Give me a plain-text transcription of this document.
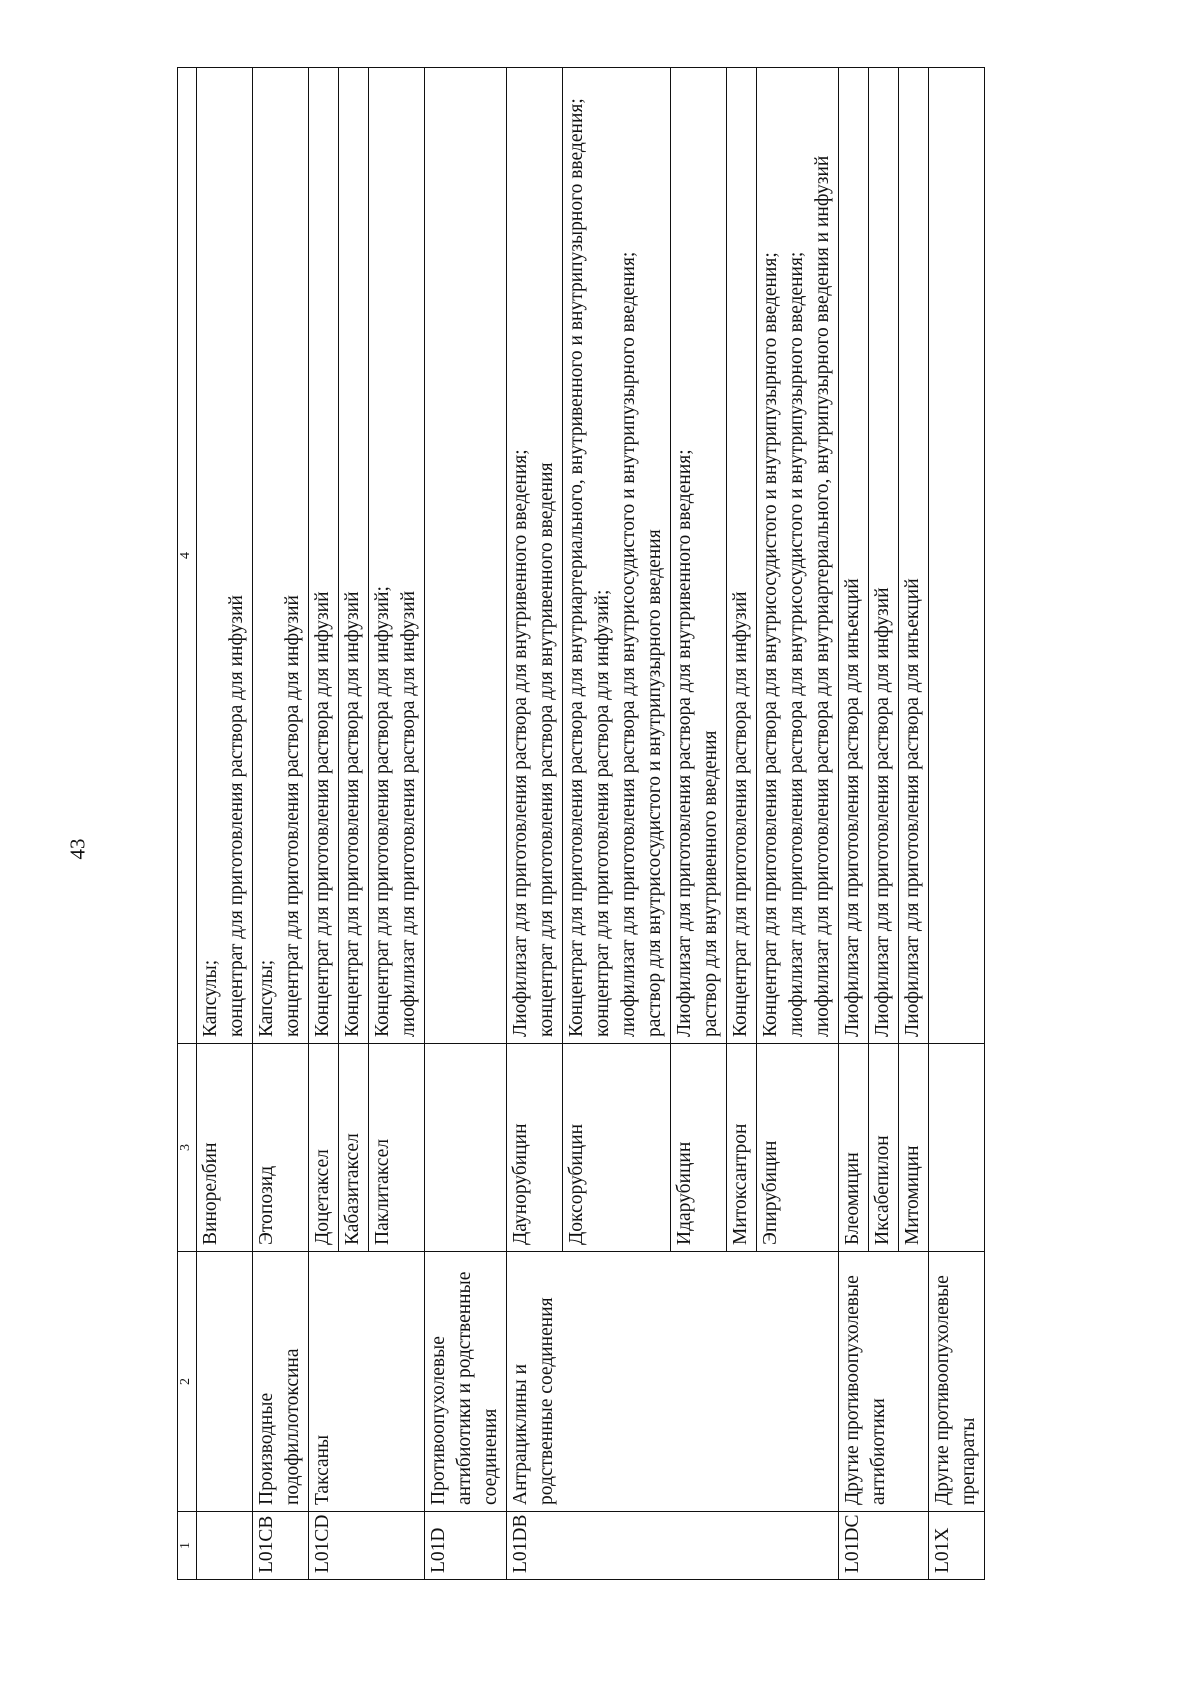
43
1	2	3	4
		Винорелбин	Капсулы; концентрат для приготовления раствора для инфузий

L01CB	Производные подофиллотоксина	Этопозид	Капсулы; концентрат для приготовления раствора для инфузий

L01CD	Таксаны	Доцетаксел	Концентрат для приготовления раствора для инфузий

		Кабазитаксел	Концентрат для приготовления раствора для инфузий

		Паклитаксел	Концентрат для приготовления раствора для инфузий; лиофилизат для приготовления раствора для инфузий

L01D	Противоопухолевые антибиотики и родственные соединения		
L01DB	Антрациклины и родственные соединения	Даунорубицин	Лиофилизат для приготовления раствора для внутривенного введения; концентрат для приготовления раствора для внутривенного введения

		Доксорубицин	Концентрат для приготовления раствора для внутриартериального, внутривенного и внутрипузырного введения; концентрат для приготовления раствора для инфузий; лиофилизат для приготовления раствора для внутрисосудистого и внутрипузырного введения; раствор для внутрисосудистого и внутрипузырного введения

		Идарубицин	Лиофилизат для приготовления раствора для внутривенного введения; раствор для внутривенного введения

		Митоксантрон	Концентрат для приготовления раствора для инфузий

		Эпирубицин	Концентрат для приготовления раствора для внутрисосудистого и внутрипузырного введения; лиофилизат для приготовления раствора для внутрисосудистого и внутрипузырного введения; лиофилизат для приготовления раствора для внутриартериального, внутрипузырного введения и инфузий

L01DC	Другие противоопухолевые антибиотики	Блеомицин	Лиофилизат для приготовления раствора для инъекций

		Иксабепилон	Лиофилизат для приготовления раствора для инфузий

		Митомицин	Лиофилизат для приготовления раствора для инъекций

L01X	Другие противоопухолевые препараты		
